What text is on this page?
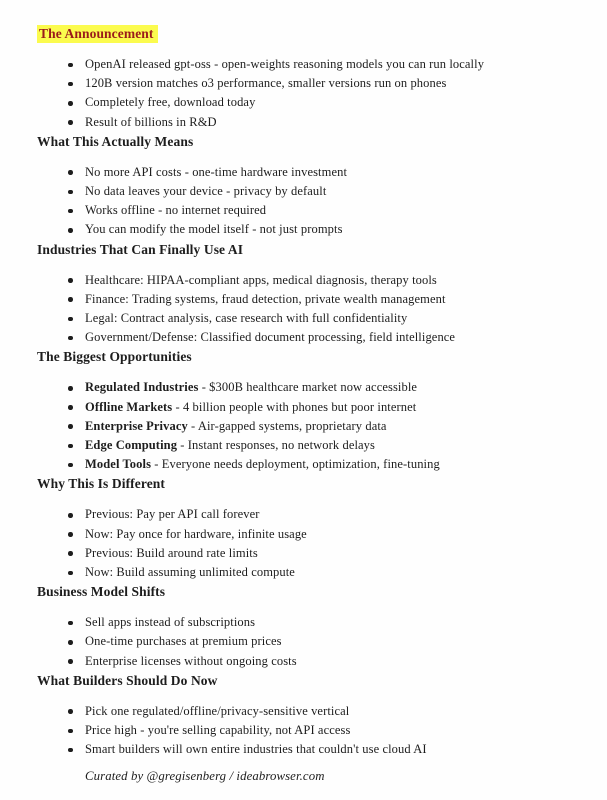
The Announcement
OpenAI released gpt-oss - open-weights reasoning models you can run locally
120B version matches o3 performance, smaller versions run on phones
Completely free, download today
Result of billions in R&D
What This Actually Means
No more API costs - one-time hardware investment
No data leaves your device - privacy by default
Works offline - no internet required
You can modify the model itself - not just prompts
Industries That Can Finally Use AI
Healthcare: HIPAA-compliant apps, medical diagnosis, therapy tools
Finance: Trading systems, fraud detection, private wealth management
Legal: Contract analysis, case research with full confidentiality
Government/Defense: Classified document processing, field intelligence
The Biggest Opportunities
Regulated Industries - $300B healthcare market now accessible
Offline Markets - 4 billion people with phones but poor internet
Enterprise Privacy - Air-gapped systems, proprietary data
Edge Computing - Instant responses, no network delays
Model Tools - Everyone needs deployment, optimization, fine-tuning
Why This Is Different
Previous: Pay per API call forever
Now: Pay once for hardware, infinite usage
Previous: Build around rate limits
Now: Build assuming unlimited compute
Business Model Shifts
Sell apps instead of subscriptions
One-time purchases at premium prices
Enterprise licenses without ongoing costs
What Builders Should Do Now
Pick one regulated/offline/privacy-sensitive vertical
Price high - you're selling capability, not API access
Smart builders will own entire industries that couldn't use cloud AI
Curated by @gregisenberg / ideabrowser.com
